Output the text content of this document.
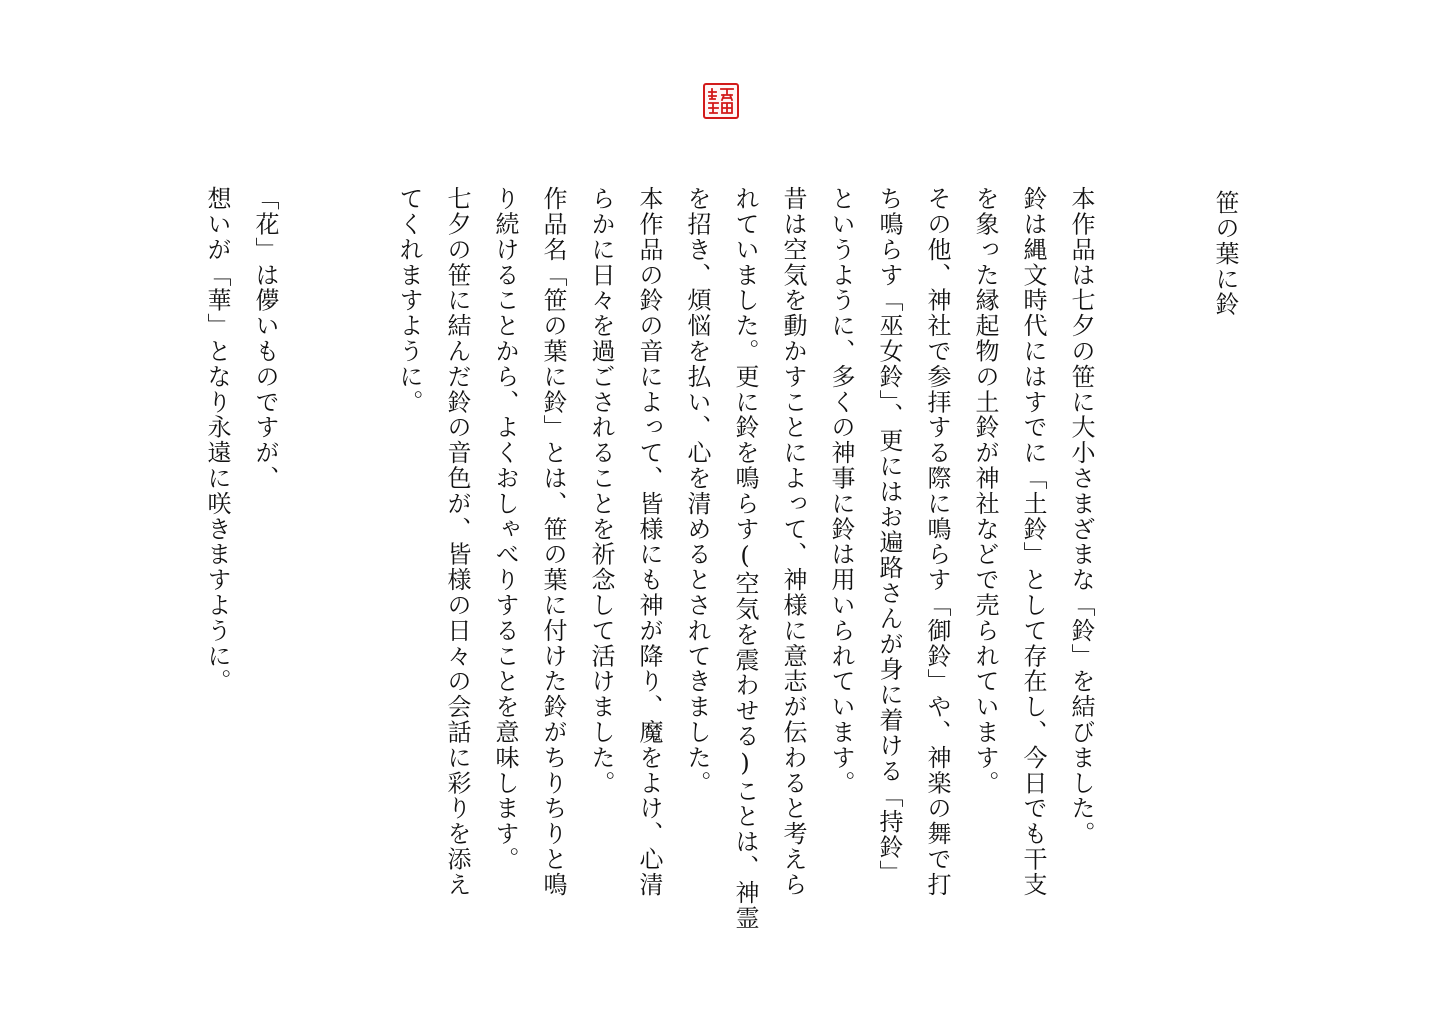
笹の葉に鈴

本作品は七夕の笹に大小さまざまな「鈴」を結びました。

鈴は縄文時代にはすでに「土鈴」として存在し、今日でも干支

を象った縁起物の土鈴が神社などで売られています。

その他、神社で参拝する際に鳴らす「御鈴」や、神楽の舞で打

ち鳴らす「巫女鈴」、更にはお遍路さんが身に着ける「持鈴」

というように、多くの神事に鈴は用いられています。

昔は空気を動かすことによって、神様に意志が伝わると考えら

れていました。更に鈴を鳴らす(空気を震わせる)ことは、神霊

を招き、煩悩を払い、心を清めるとされてきました。

本作品の鈴の音によって、皆様にも神が降り、魔をよけ、心清

らかに日々を過ごされることを祈念して活けました。

作品名「笹の葉に鈴」とは、笹の葉に付けた鈴がちりちりと鳴

り続けることから、よくおしゃべりすることを意味します。

七夕の笹に結んだ鈴の音色が、皆様の日々の会話に彩りを添え

てくれますように。

「花」は儚いものですが、

想いが「華」となり永遠に咲きますように。
